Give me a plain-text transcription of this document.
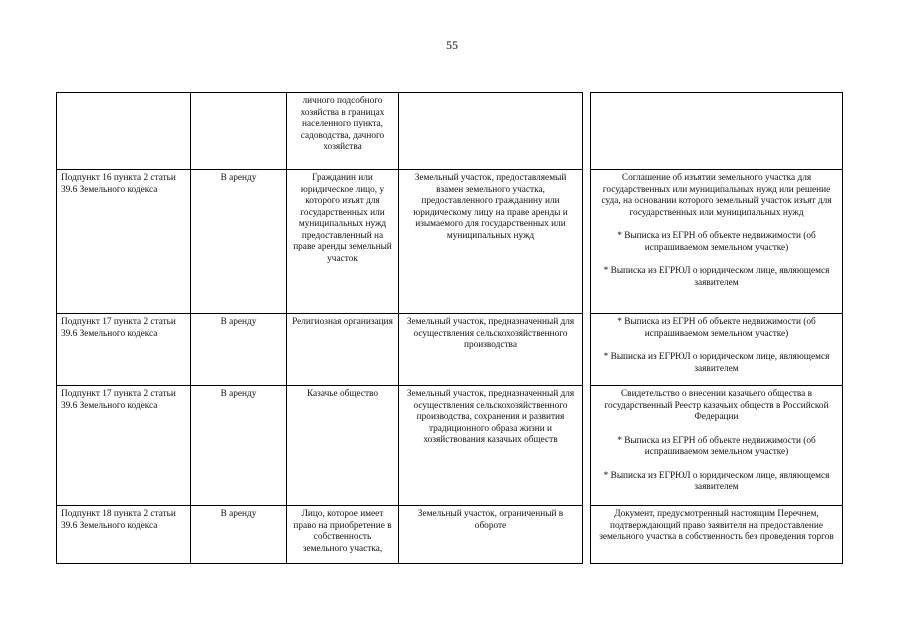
55
		личного подсобного хозяйства в границах населенного пункта, садоводства, дачного хозяйства			
Подпункт 16 пункта 2 статьи 39.6 Земельного кодекса	В аренду	Гражданин или юридическое лицо, у которого изъят для государственных или муниципальных нужд предоставленный на праве аренды земельный участок	Земельный участок, предоставляемый взамен земельного участка, предоставленного гражданину или юридическому лицу на праве аренды и изымаемого для государственных или муниципальных нужд		Соглашение об изъятии земельного участка для государственных или муниципальных нужд или решение суда, на основании которого земельный участок изъят для государственных или муниципальных нужд
* Выписка из ЕГРН об объекте недвижимости (об испрашиваемом земельном участке)
* Выписка из ЕГРЮЛ о юридическом лице, являющемся заявителем

Подпункт 17 пункта 2 статьи 39.6 Земельного кодекса	В аренду	Религиозная организация	Земельный участок, предназначенный для осуществления сельскохозяйственного производства		* Выписка из ЕГРН об объекте недвижимости (об испрашиваемом земельном участке)
* Выписка из ЕГРЮЛ о юридическом лице, являющемся заявителем

Подпункт 17 пункта 2 статьи 39.6 Земельного кодекса	В аренду	Казачье общество	Земельный участок, предназначенный для осуществления сельскохозяйственного производства, сохранения и развития традиционного образа жизни и хозяйствования казачьих обществ		Свидетельство о внесении казачьего общества в государственный Реестр казачьих обществ в Российской Федерации
* Выписка из ЕГРН об объекте недвижимости (об испрашиваемом земельном участке)
* Выписка из ЕГРЮЛ о юридическом лице, являющемся заявителем

Подпункт 18 пункта 2 статьи 39.6 Земельного кодекса	В аренду	Лицо, которое имеет право на приобретение в собственность земельного участка,	Земельный участок, ограниченный в обороте		Документ, предусмотренный настоящим Перечнем, подтверждающий право заявителя на предоставление земельного участка в собственность без проведения торгов
